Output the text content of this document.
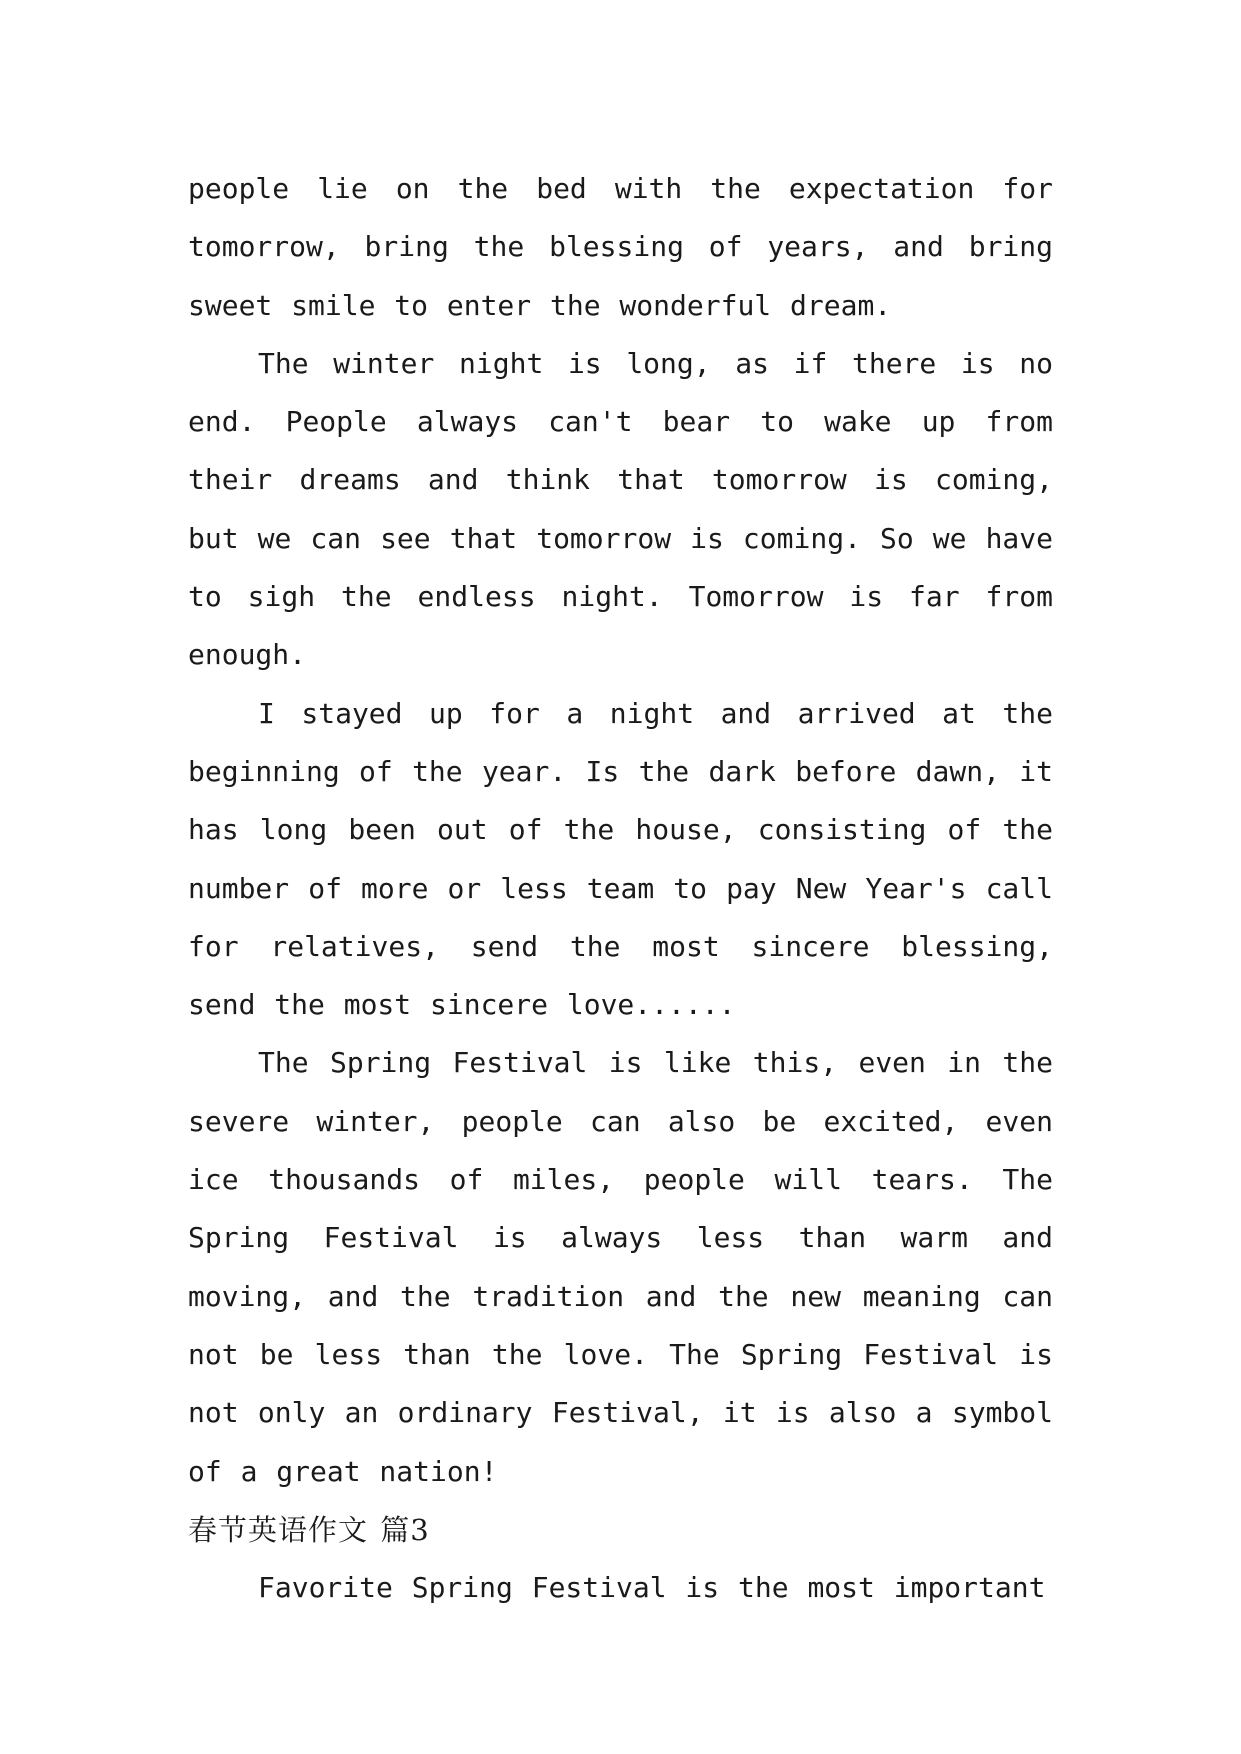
people lie on the bed with the expectation for tomorrow, bring the blessing of years, and bring sweet smile to enter the wonderful dream.

The winter night is long, as if there is no end. People always can't bear to wake up from their dreams and think that tomorrow is coming, but we can see that tomorrow is coming. So we have to sigh the endless night. Tomorrow is far from enough.

I stayed up for a night and arrived at the beginning of the year. Is the dark before dawn, it has long been out of the house, consisting of the number of more or less team to pay New Year's call for relatives, send the most sincere blessing, send the most sincere love......

The Spring Festival is like this, even in the severe winter, people can also be excited, even ice thousands of miles, people will tears. The Spring Festival is always less than warm and moving, and the tradition and the new meaning can not be less than the love. The Spring Festival is not only an ordinary Festival, it is also a symbol of a great nation!

春节英语作文 篇3

Favorite Spring Festival is the most important
